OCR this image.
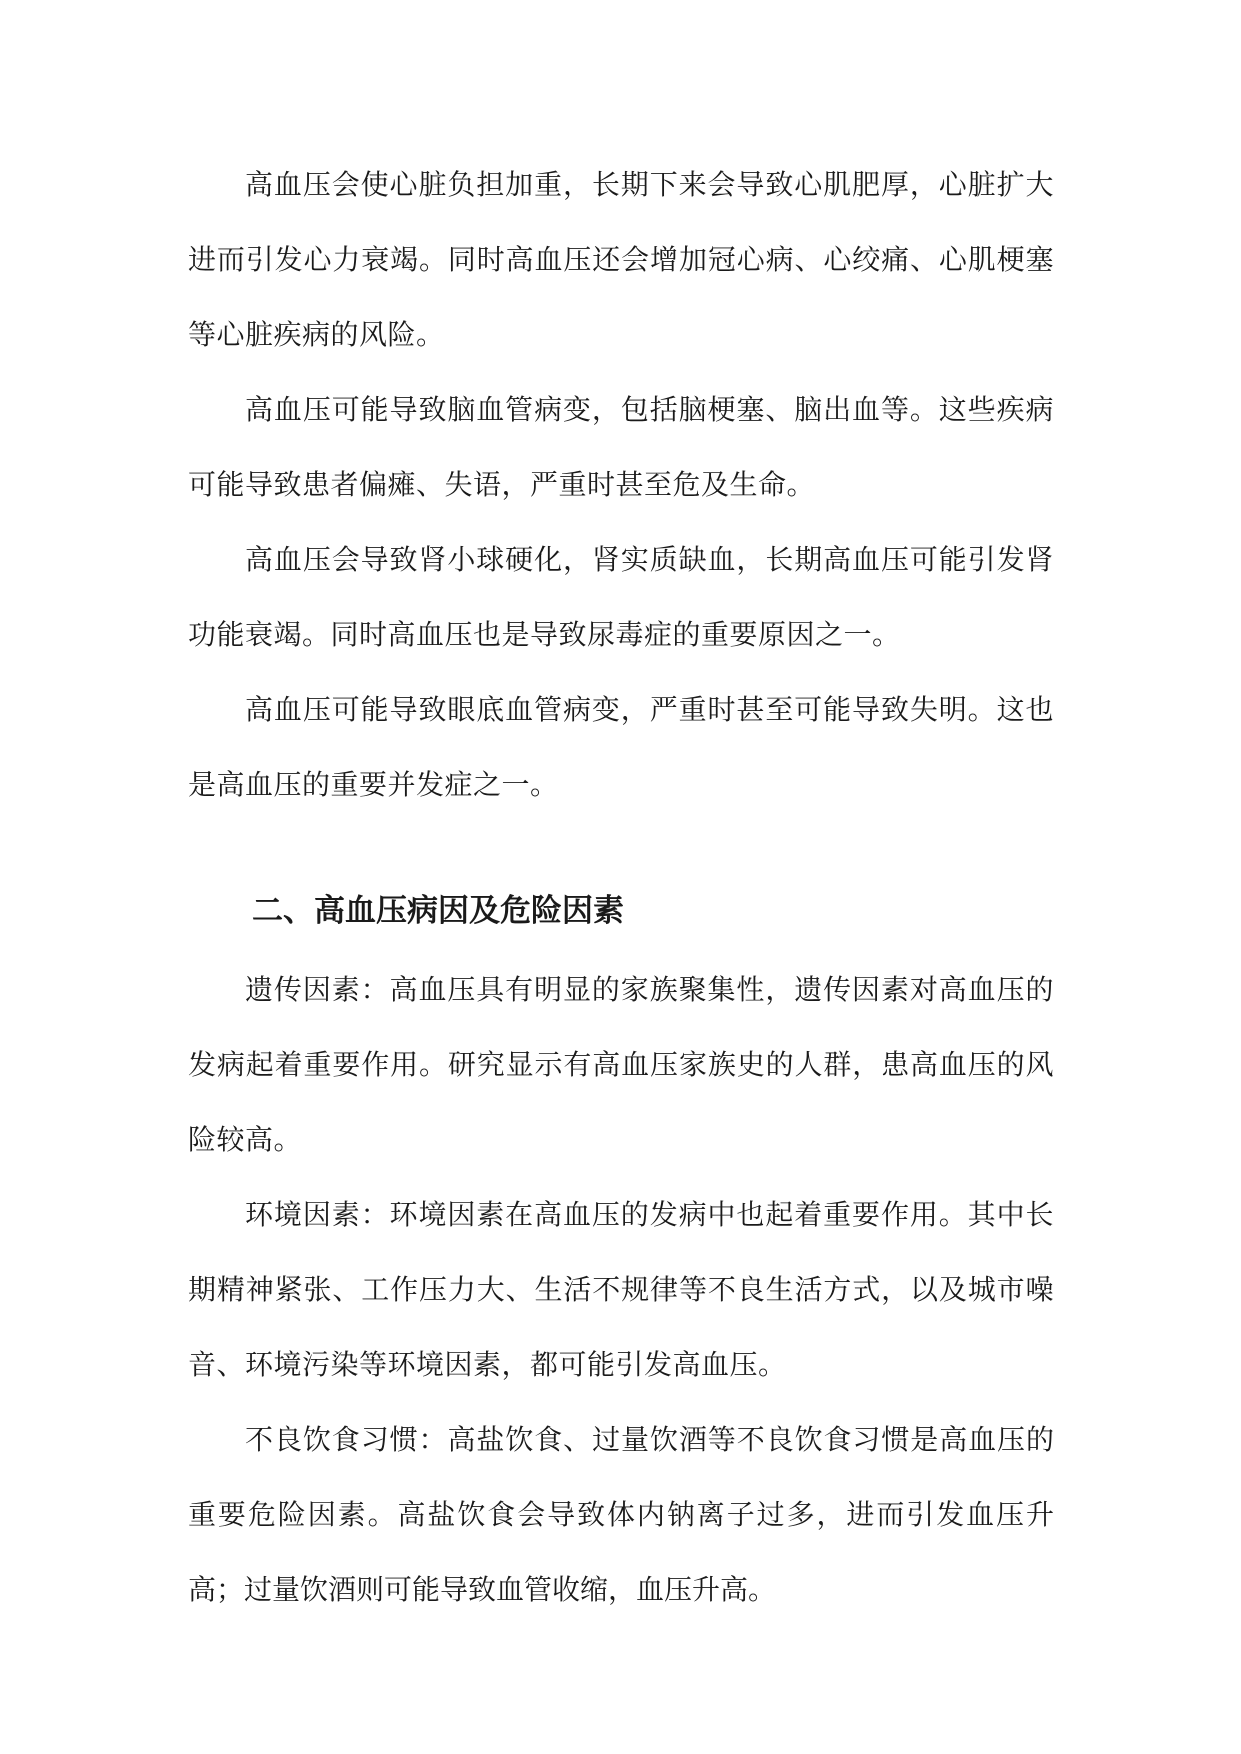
高血压会使心脏负担加重，长期下来会导致心肌肥厚，心脏扩大进而引发心力衰竭。同时高血压还会增加冠心病、心绞痛、心肌梗塞等心脏疾病的风险。

高血压可能导致脑血管病变，包括脑梗塞、脑出血等。这些疾病可能导致患者偏瘫、失语，严重时甚至危及生命。

高血压会导致肾小球硬化，肾实质缺血，长期高血压可能引发肾功能衰竭。同时高血压也是导致尿毒症的重要原因之一。

高血压可能导致眼底血管病变，严重时甚至可能导致失明。这也是高血压的重要并发症之一。

二、高血压病因及危险因素

遗传因素：高血压具有明显的家族聚集性，遗传因素对高血压的发病起着重要作用。研究显示有高血压家族史的人群，患高血压的风险较高。

环境因素：环境因素在高血压的发病中也起着重要作用。其中长期精神紧张、工作压力大、生活不规律等不良生活方式，以及城市噪音、环境污染等环境因素，都可能引发高血压。

不良饮食习惯：高盐饮食、过量饮酒等不良饮食习惯是高血压的重要危险因素。高盐饮食会导致体内钠离子过多，进而引发血压升高；过量饮酒则可能导致血管收缩，血压升高。
